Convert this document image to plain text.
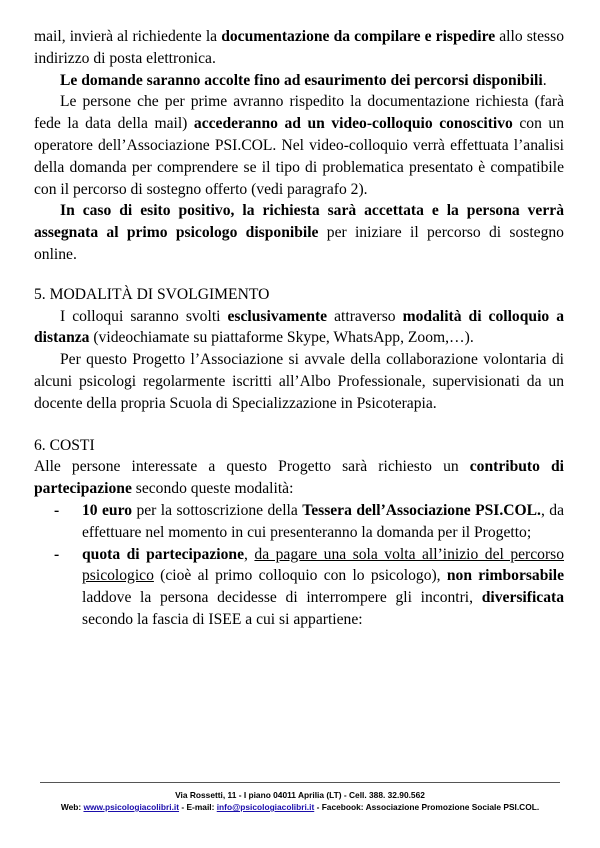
mail, invierà al richiedente la documentazione da compilare e rispedire allo stesso indirizzo di posta elettronica.

Le domande saranno accolte fino ad esaurimento dei percorsi disponibili.

Le persone che per prime avranno rispedito la documentazione richiesta (farà fede la data della mail) accederanno ad un video-colloquio conoscitivo con un operatore dell’Associazione PSI.COL. Nel video-colloquio verrà effettuata l’analisi della domanda per comprendere se il tipo di problematica presentato è compatibile con il percorso di sostegno offerto (vedi paragrafo 2).

In caso di esito positivo, la richiesta sarà accettata e la persona verrà assegnata al primo psicologo disponibile per iniziare il percorso di sostegno online.

5. MODALITÀ DI SVOLGIMENTO

I colloqui saranno svolti esclusivamente attraverso modalità di colloquio a distanza (videochiamate su piattaforme Skype, WhatsApp, Zoom,…).

Per questo Progetto l’Associazione si avvale della collaborazione volontaria di alcuni psicologi regolarmente iscritti all’Albo Professionale, supervisionati da un docente della propria Scuola di Specializzazione in Psicoterapia.

6. COSTI

Alle persone interessate a questo Progetto sarà richiesto un contributo di partecipazione secondo queste modalità:

- 10 euro per la sottoscrizione della Tessera dell’Associazione PSI.COL., da effettuare nel momento in cui presenteranno la domanda per il Progetto;
- quota di partecipazione, da pagare una sola volta all’inizio del percorso psicologico (cioè al primo colloquio con lo psicologo), non rimborsabile laddove la persona decidesse di interrompere gli incontri, diversificata secondo la fascia di ISEE a cui si appartiene:
Via Rossetti, 11 - I piano 04011 Aprilia (LT) - Cell. 388. 32.90.562
Web: www.psicologiacolibri.it - E-mail: info@psicologiacolibri.it - Facebook: Associazione Promozione Sociale PSI.COL.
